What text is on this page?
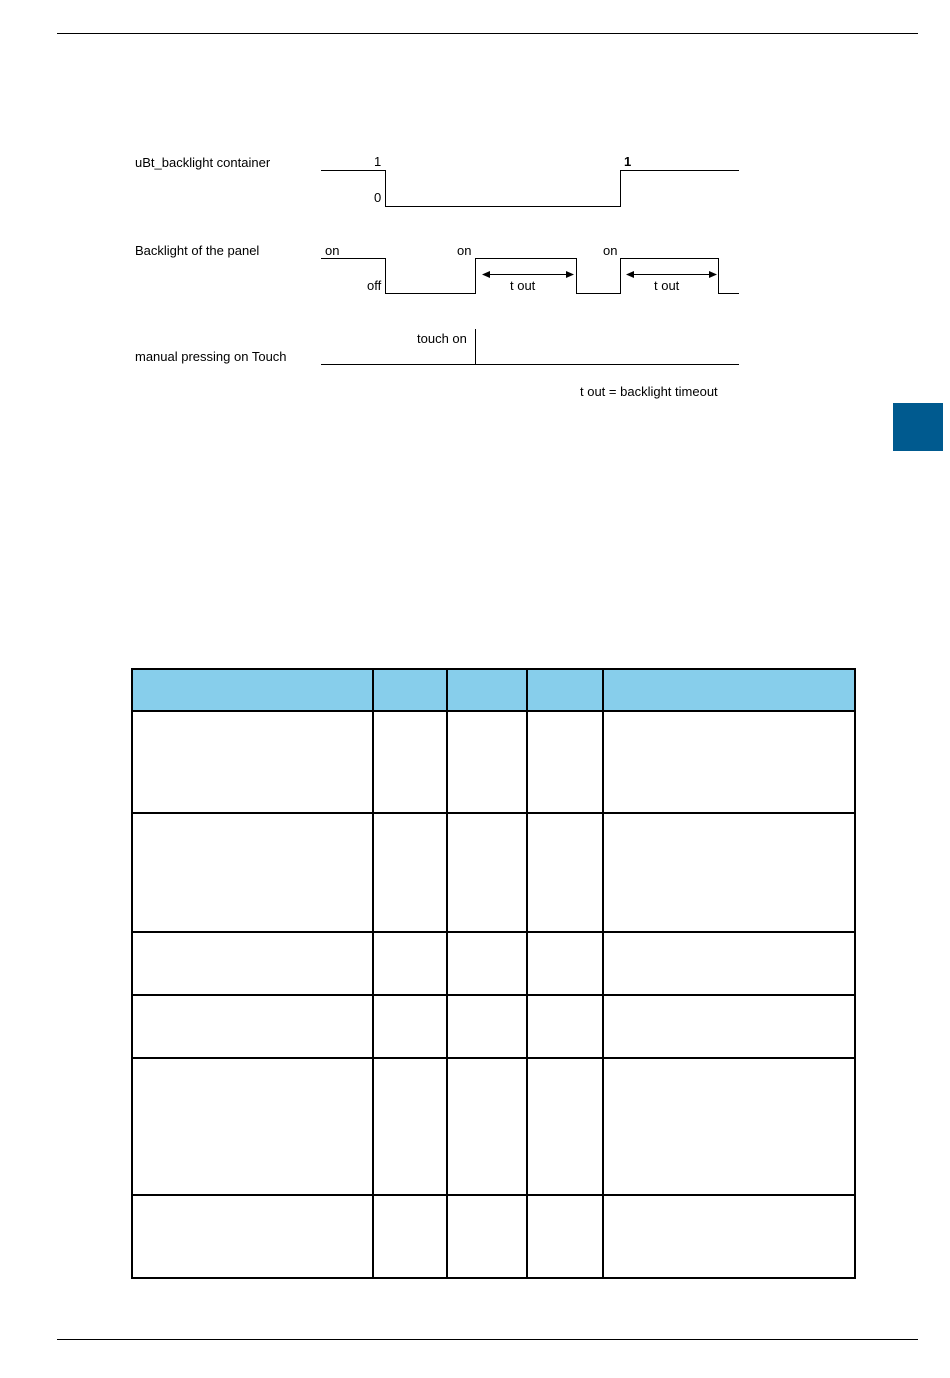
uBt_backlight container	1
0
1
Backlight of the panel	on
off
on	on
t out	t out
manual pressing on Touch
touch on
t out = backlight timeout
